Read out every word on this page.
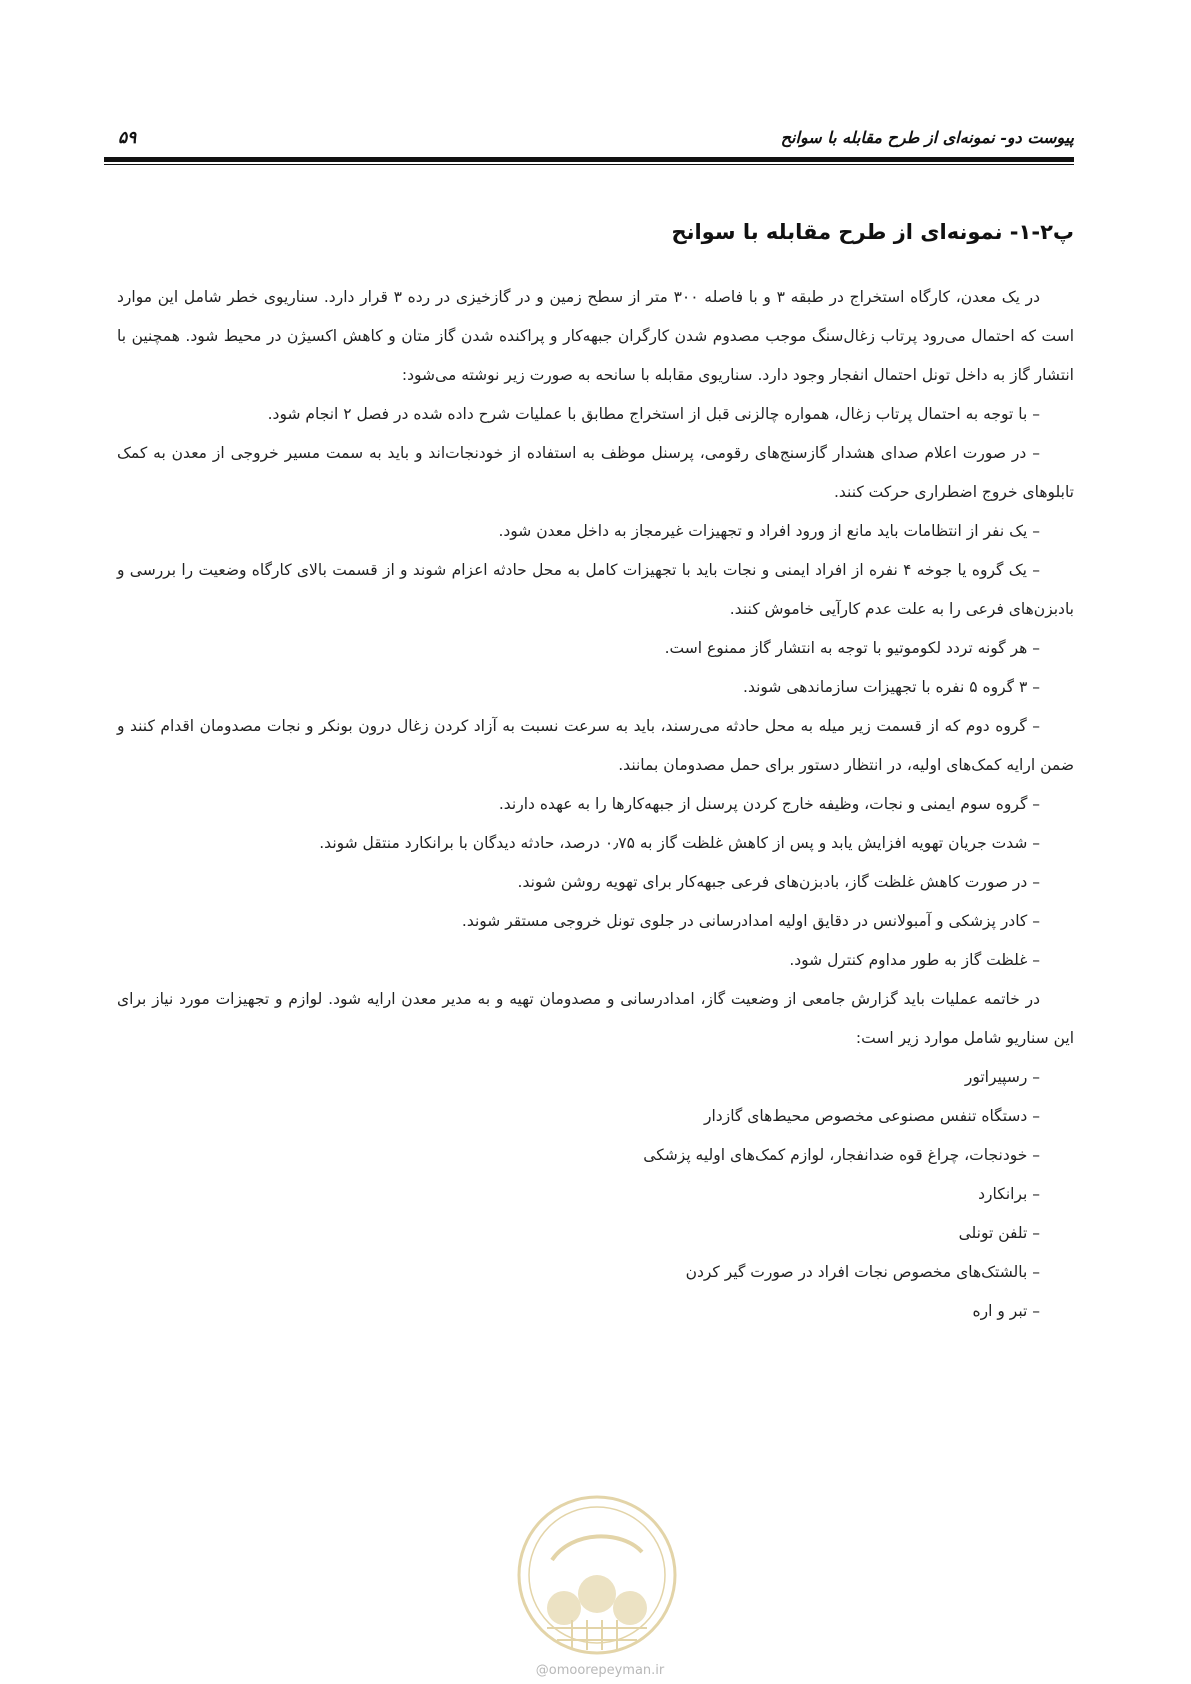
پیوست دو- نمونه‌ای از طرح مقابله با سوانح
۵۹
پ۲-۱- نمونه‌ای از طرح مقابله با سوانح

در یک معدن، کارگاه استخراج در طبقه ۳ و با فاصله ۳۰۰ متر از سطح زمین و در گازخیزی در رده ۳ قرار دارد. سناریوی خطر شامل این موارد است که احتمال می‌رود پرتاب زغال‌سنگ موجب مصدوم شدن کارگران جبهه‌کار و پراکنده شدن گاز متان و کاهش اکسیژن در محیط شود. همچنین با انتشار گاز به داخل تونل احتمال انفجار وجود دارد. سناریوی مقابله با سانحه به صورت زیر نوشته می‌شود:

– با توجه به احتمال پرتاب زغال، همواره چالزنی قبل از استخراج مطابق با عملیات شرح داده شده در فصل ۲ انجام شود.

– در صورت اعلام صدای هشدار گازسنج‌های رقومی، پرسنل موظف به استفاده از خودنجات‌اند و باید به سمت مسیر خروجی از معدن به کمک تابلوهای خروج اضطراری حرکت کنند.

– یک نفر از انتظامات باید مانع از ورود افراد و تجهیزات غیرمجاز به داخل معدن شود.

– یک گروه یا جوخه ۴ نفره از افراد ایمنی و نجات باید با تجهیزات کامل به محل حادثه اعزام شوند و از قسمت بالای کارگاه وضعیت را بررسی و بادبزن‌های فرعی را به علت عدم کارآیی خاموش کنند.

– هر گونه تردد لکوموتیو با توجه به انتشار گاز ممنوع است.

– ۳ گروه ۵ نفره با تجهیزات سازماندهی شوند.

– گروه دوم که از قسمت زیر میله به محل حادثه می‌رسند، باید به سرعت نسبت به آزاد کردن زغال درون بونکر و نجات مصدومان اقدام کنند و ضمن ارایه کمک‌های اولیه، در انتظار دستور برای حمل مصدومان بمانند.

– گروه سوم ایمنی و نجات، وظیفه خارج کردن پرسنل از جبهه‌کارها را به عهده دارند.

– شدت جریان تهویه افزایش یابد و پس از کاهش غلظت گاز به ۰٫۷۵ درصد، حادثه دیدگان با برانکارد منتقل شوند.

– در صورت کاهش غلظت گاز، بادبزن‌های فرعی جبهه‌کار برای تهویه روشن شوند.

– کادر پزشکی و آمبولانس در دقایق اولیه امدادرسانی در جلوی تونل خروجی مستقر شوند.

– غلظت گاز به طور مداوم کنترل شود.

در خاتمه عملیات باید گزارش جامعی از وضعیت گاز، امدادرسانی و مصدومان تهیه و به مدیر معدن ارایه شود. لوازم و تجهیزات مورد نیاز برای این سناریو شامل موارد زیر است:

– رسپیراتور

– دستگاه تنفس مصنوعی مخصوص محیط‌های گازدار

– خودنجات، چراغ قوه ضدانفجار، لوازم کمک‌های اولیه پزشکی

– برانکارد

– تلفن تونلی

– بالشتک‌های مخصوص نجات افراد در صورت گیر کردن

– تبر و اره

@omoorepeyman.ir
